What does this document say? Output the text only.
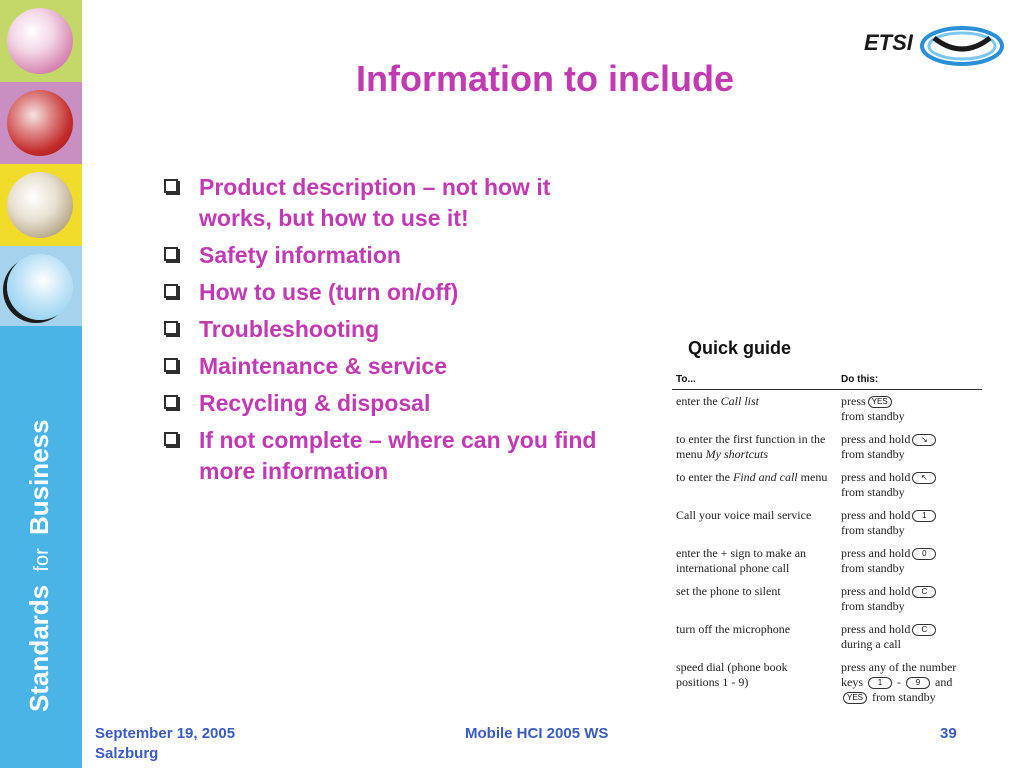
Standards for Business
ETSI
Information to include
Product description – not how it works, but how to use it!
Safety information
How to use (turn on/off)
Troubleshooting
Maintenance & service
Recycling & disposal
If not complete – where can you find more information
Quick guide
To...	Do this:
enter the Call list	press YES
from standby
to enter the first function in the menu My shortcuts	press and hold ↘
from standby
to enter the Find and call menu	press and hold ↖
from standby
Call your voice mail service	press and hold 1
from standby
enter the + sign to make an international phone call	press and hold 0
from standby
set the phone to silent	press and hold C
from standby
turn off the microphone	press and hold C
during a call
speed dial (phone book positions 1 - 9)	press any of the number keys 1 - 9 and
YES from standby
September 19, 2005
Salzburg
Mobile HCI 2005 WS	39
